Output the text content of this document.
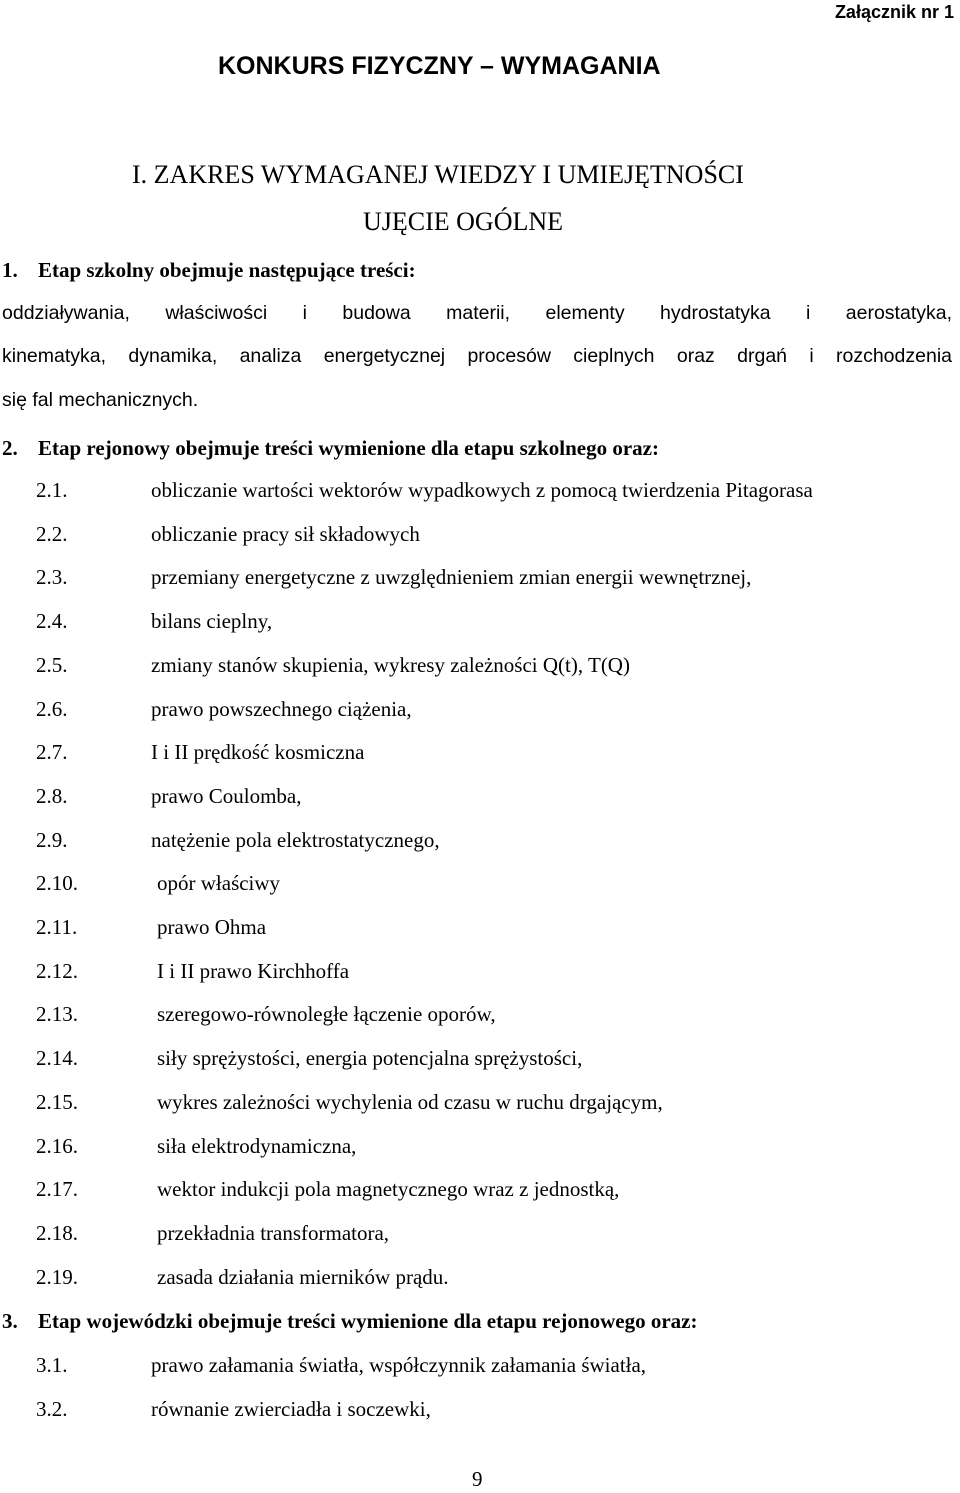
Załącznik nr 1
KONKURS FIZYCZNY – WYMAGANIA
I. ZAKRES WYMAGANEJ WIEDZY I UMIEJĘTNOŚCI
UJĘCIE OGÓLNE
1. Etap szkolny obejmuje następujące treści:
oddziaływania, właściwości i budowa materii, elementy hydrostatyka i aerostatyka,
kinematyka, dynamika, analiza energetycznej procesów cieplnych oraz drgań i rozchodzenia
się fal mechanicznych.
2. Etap rejonowy obejmuje treści wymienione dla etapu szkolnego oraz:
2.1.	obliczanie wartości wektorów wypadkowych z pomocą twierdzenia Pitagorasa
2.2.	obliczanie pracy sił składowych
2.3.	przemiany energetyczne z uwzględnieniem zmian energii wewnętrznej,
2.4.	bilans cieplny,
2.5.	zmiany stanów skupienia, wykresy zależności Q(t), T(Q)
2.6.	prawo powszechnego ciążenia,
2.7.	I i II prędkość kosmiczna
2.8.	prawo Coulomba,
2.9.	natężenie pola elektrostatycznego,
2.10.	opór właściwy
2.11.	prawo Ohma
2.12.	I i II prawo Kirchhoffa
2.13.	szeregowo-równoległe łączenie oporów,
2.14.	siły sprężystości, energia potencjalna sprężystości,
2.15.	wykres zależności wychylenia od czasu w ruchu drgającym,
2.16.	siła elektrodynamiczna,
2.17.	wektor indukcji pola magnetycznego wraz z jednostką,
2.18.	przekładnia transformatora,
2.19.	zasada działania mierników prądu.
3. Etap wojewódzki obejmuje treści wymienione dla etapu rejonowego oraz:
3.1.	prawo załamania światła, współczynnik załamania światła,
3.2.	równanie zwierciadła i soczewki,
9
